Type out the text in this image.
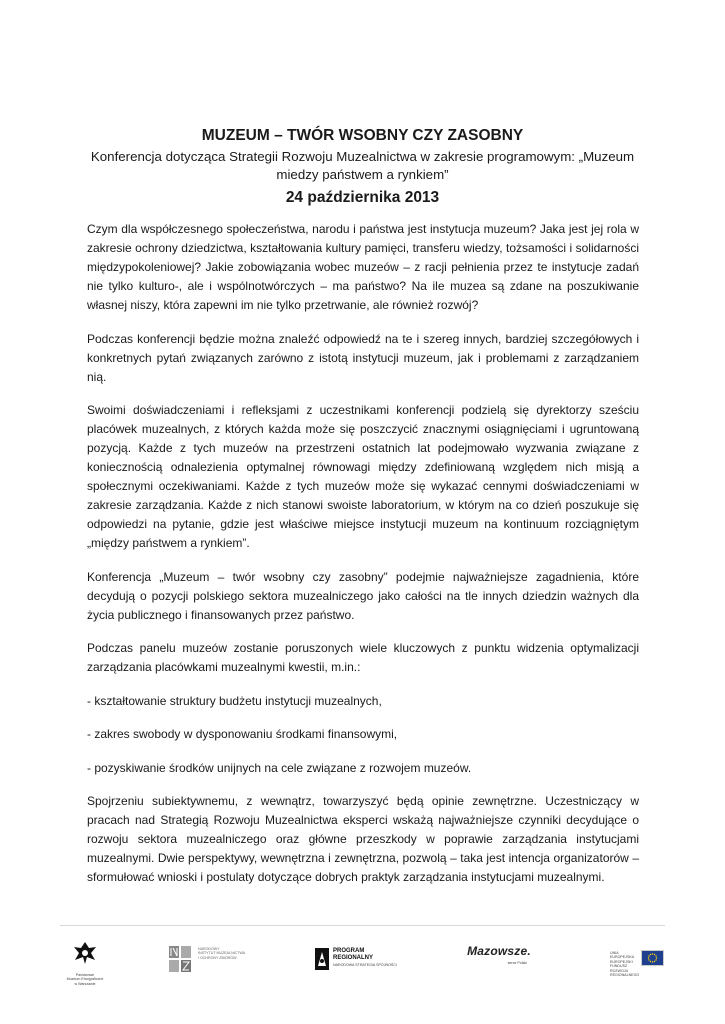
MUZEUM – TWÓR WSOBNY CZY ZASOBNY
Konferencja dotycząca Strategii Rozwoju Muzealnictwa w zakresie programowym: „Muzeum
miedzy państwem a rynkiem”
24 października 2013

Czym dla współczesnego społeczeństwa, narodu i państwa jest instytucja muzeum? Jaka jest jej rola w zakresie ochrony dziedzictwa, kształtowania kultury pamięci, transferu wiedzy, tożsamości i solidarności międzypokoleniowej? Jakie zobowiązania wobec muzeów – z racji pełnienia przez te instytucje zadań nie tylko kulturo-, ale i wspólnotwórczych – ma państwo? Na ile muzea są zdane na poszukiwanie własnej niszy, która zapewni im nie tylko przetrwanie, ale również rozwój?

Podczas konferencji będzie można znaleźć odpowiedź na te i szereg innych, bardziej szczegółowych i konkretnych pytań związanych zarówno z istotą instytucji muzeum, jak i problemami z zarządzaniem nią.

Swoimi doświadczeniami i refleksjami z uczestnikami konferencji podzielą się dyrektorzy sześciu placówek muzealnych, z których każda może się poszczycić znacznymi osiągnięciami i ugruntowaną pozycją. Każde z tych muzeów na przestrzeni ostatnich lat podejmowało wyzwania związane z koniecznością odnalezienia optymalnej równowagi między zdefiniowaną względem nich misją a społecznymi oczekiwaniami. Każde z tych muzeów może się wykazać cennymi doświadczeniami w zakresie zarządzania. Każde z nich stanowi swoiste laboratorium, w którym na co dzień poszukuje się odpowiedzi na pytanie, gdzie jest właściwe miejsce instytucji muzeum na kontinuum rozciągniętym „między państwem a rynkiem”.

Konferencja „Muzeum – twór wsobny czy zasobny” podejmie najważniejsze zagadnienia, które decydują o pozycji polskiego sektora muzealniczego jako całości na tle innych dziedzin ważnych dla życia publicznego i finansowanych przez państwo.

Podczas panelu muzeów zostanie poruszonych wiele kluczowych z punktu widzenia optymalizacji zarządzania placówkami muzealnymi kwestii, m.in.:

- kształtowanie struktury budżetu instytucji muzealnych,

- zakres swobody w dysponowaniu środkami finansowymi,

- pozyskiwanie środków unijnych na cele związane z rozwojem muzeów.

Spojrzeniu subiektywnemu, z wewnątrz, towarzyszyć będą opinie zewnętrzne. Uczestniczący w pracach nad Strategią Rozwoju Muzealnictwa eksperci wskażą najważniejsze czynniki decydujące o rozwoju sektora muzealniczego oraz główne przeszkody w poprawie zarządzania instytucjami muzealnymi. Dwie perspektywy, wewnętrzna i zewnętrzna, pozwolą – taka jest intencja organizatorów – sformułować wnioski i postulaty dotyczące dobrych praktyk zarządzania instytucjami muzealnymi.

Państwowe
Muzeum Etnograficzne
w Warszawie
NARODOWY
INSTYTUT MUZEALNICTWA
I OCHRONY ZBIORÓW
PROGRAM
REGIONALNY
NARODOWA STRATEGIA SPÓJNOŚCI
Mazowsze.
serce Polski
UNIA EUROPEJSKA
EUROPEJSKI FUNDUSZ
ROZWOJU REGIONALNEGO
